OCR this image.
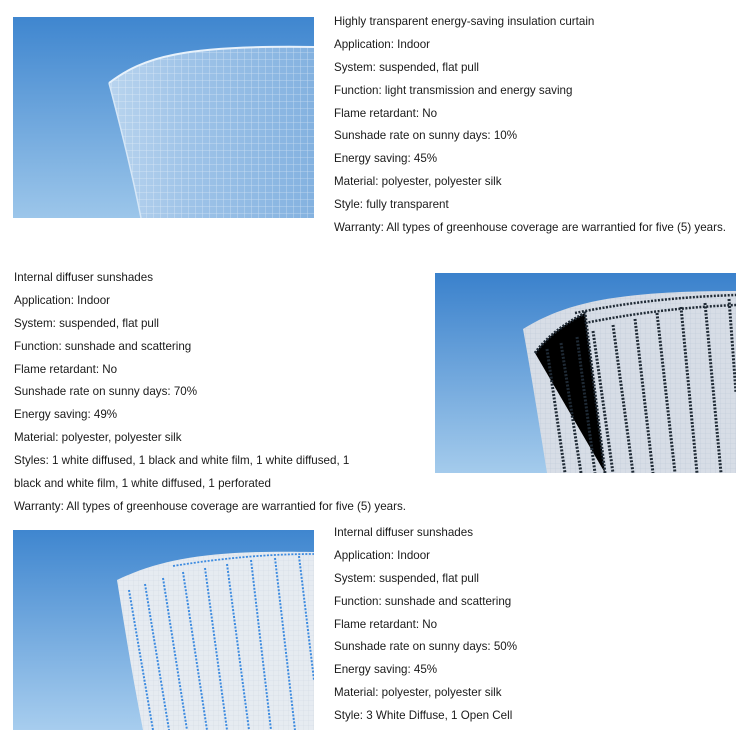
Highly transparent energy-saving insulation curtain
Application: Indoor
System: suspended, flat pull
Function: light transmission and energy saving
Flame retardant: No
Sunshade rate on sunny days: 10%
Energy saving: 45%
Material: polyester, polyester silk
Style: fully transparent
Warranty: All types of greenhouse coverage are warrantied for five (5) years.
Internal diffuser sunshades
Application: Indoor
System: suspended, flat pull
Function: sunshade and scattering
Flame retardant: No
Sunshade rate on sunny days: 70%
Energy saving: 49%
Material: polyester, polyester silk
Styles: 1 white diffused, 1 black and white film, 1 white diffused, 1
black and white film, 1 white diffused, 1 perforated
Warranty: All types of greenhouse coverage are warrantied for five (5) years.
Internal diffuser sunshades
Application: Indoor
System: suspended, flat pull
Function: sunshade and scattering
Flame retardant: No
Sunshade rate on sunny days: 50%
Energy saving: 45%
Material: polyester, polyester silk
Style: 3 White Diffuse, 1 Open Cell
